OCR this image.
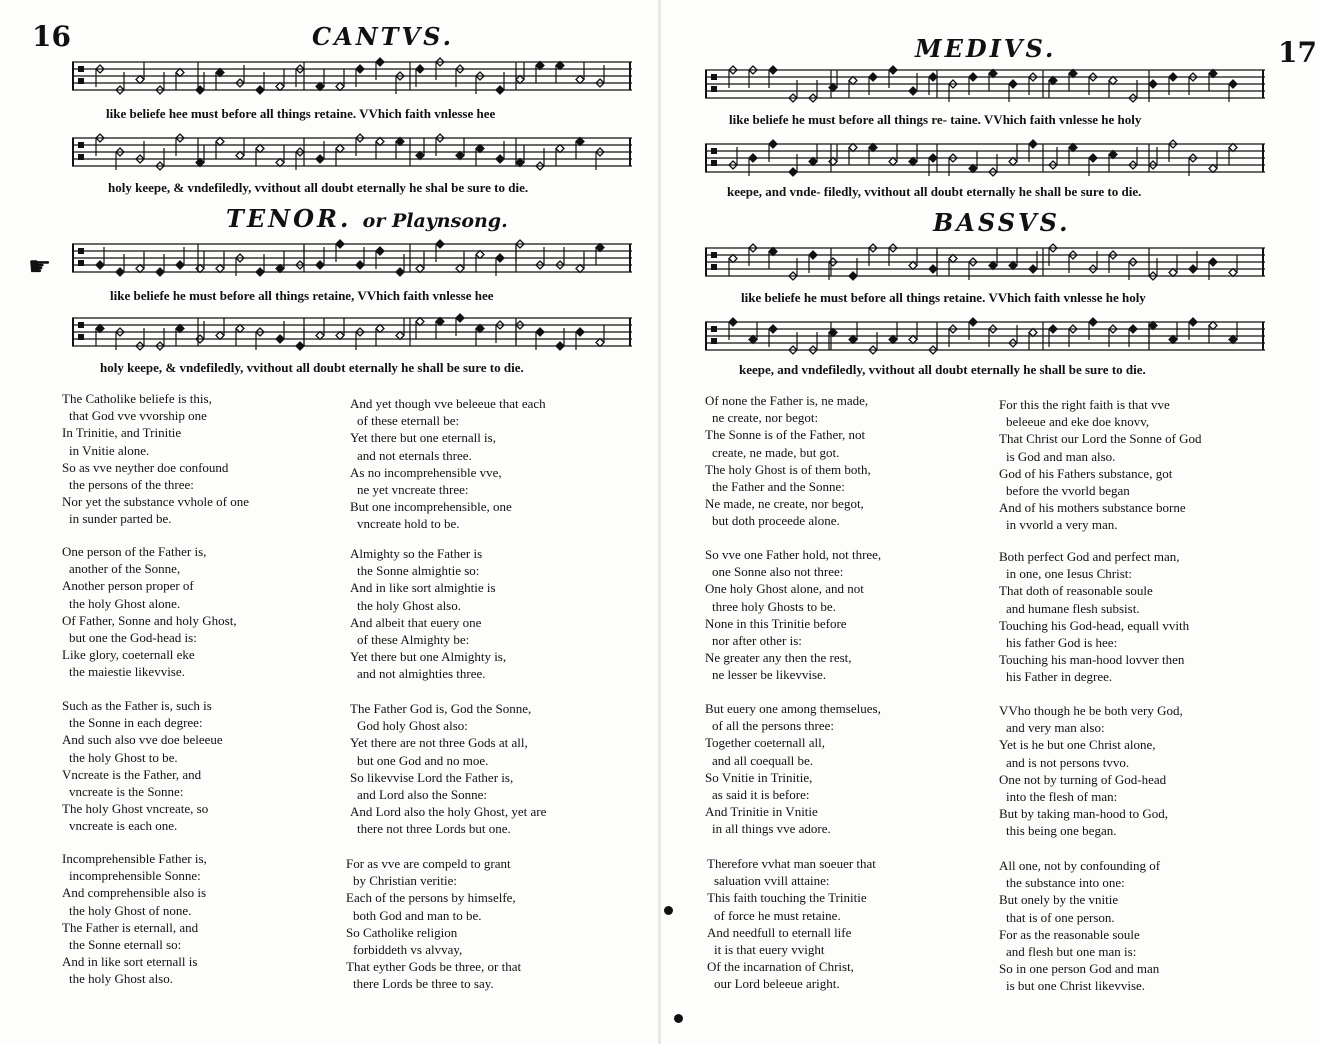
16	CANTVS.
like beliefe hee must before all things retaine. VVhich faith vnlesse hee
holy keepe, & vndefiledly, vvithout all doubt eternally he shal be sure to die.
TENOR. or Playnsong.
☛
like beliefe he must before all things retaine, VVhich faith vnlesse hee
holy keepe, & vndefiledly, vvithout all doubt eternally he shall be sure to die.
The Catholike beliefe is this,
that God vve vvorship one
In Trinitie, and Trinitie
in Vnitie alone.
So as vve neyther doe confound
the persons of the three:
Nor yet the substance vvhole of one
in sunder parted be.
One person of the Father is,
another of the Sonne,
Another person proper of
the holy Ghost alone.
Of Father, Sonne and holy Ghost,
but one the God-head is:
Like glory, coeternall eke
the maiestie likevvise.
Such as the Father is, such is
the Sonne in each degree:
And such also vve doe beleeue
the holy Ghost to be.
Vncreate is the Father, and
vncreate is the Sonne:
The holy Ghost vncreate, so
vncreate is each one.
Incomprehensible Father is,
incomprehensible Sonne:
And comprehensible also is
the holy Ghost of none.
The Father is eternall, and
the Sonne eternall so:
And in like sort eternall is
the holy Ghost also.
And yet though vve beleeue that each
of these eternall be:
Yet there but one eternall is,
and not eternals three.
As no incomprehensible vve,
ne yet vncreate three:
But one incomprehensible, one
vncreate hold to be.
Almighty so the Father is
the Sonne almightie so:
And in like sort almightie is
the holy Ghost also.
And albeit that euery one
of these Almighty be:
Yet there but one Almighty is,
and not almighties three.
The Father God is, God the Sonne,
God holy Ghost also:
Yet there are not three Gods at all,
but one God and no moe.
So likevvise Lord the Father is,
and Lord also the Sonne:
And Lord also the holy Ghost, yet are
there not three Lords but one.
For as vve are compeld to grant
by Christian veritie:
Each of the persons by himselfe,
both God and man to be.
So Catholike religion
forbiddeth vs alvvay,
That eyther Gods be three, or that
there Lords be three to say.
17
MEDIVS.
like beliefe he must before all things re- taine. VVhich faith vnlesse he holy
keepe, and vnde- filedly, vvithout all doubt eternally he shall be sure to die.
BASSVS.
like beliefe he must before all things retaine. VVhich faith vnlesse he holy
keepe, and vndefiledly, vvithout all doubt eternally he shall be sure to die.
Of none the Father is, ne made,
ne create, nor begot:
The Sonne is of the Father, not
create, ne made, but got.
The holy Ghost is of them both,
the Father and the Sonne:
Ne made, ne create, nor begot,
but doth proceede alone.
So vve one Father hold, not three,
one Sonne also not three:
One holy Ghost alone, and not
three holy Ghosts to be.
None in this Trinitie before
nor after other is:
Ne greater any then the rest,
ne lesser be likevvise.
But euery one among themselues,
of all the persons three:
Together coeternall all,
and all coequall be.
So Vnitie in Trinitie,
as said it is before:
And Trinitie in Vnitie
in all things vve adore.
Therefore vvhat man soeuer that
saluation vvill attaine:
This faith touching the Trinitie
of force he must retaine.
And needfull to eternall life
it is that euery vvight
Of the incarnation of Christ,
our Lord beleeue aright.
For this the right faith is that vve
beleeue and eke doe knovv,
That Christ our Lord the Sonne of God
is God and man also.
God of his Fathers substance, got
before the vvorld began
And of his mothers substance borne
in vvorld a very man.
Both perfect God and perfect man,
in one, one Iesus Christ:
That doth of reasonable soule
and humane flesh subsist.
Touching his God-head, equall vvith
his father God is hee:
Touching his man-hood lovver then
his Father in degree.
VVho though he be both very God,
and very man also:
Yet is he but one Christ alone,
and is not persons tvvo.
One not by turning of God-head
into the flesh of man:
But by taking man-hood to God,
this being one began.
All one, not by confounding of
the substance into one:
But onely by the vnitie
that is of one person.
For as the reasonable soule
and flesh but one man is:
So in one person God and man
is but one Christ likevvise.
